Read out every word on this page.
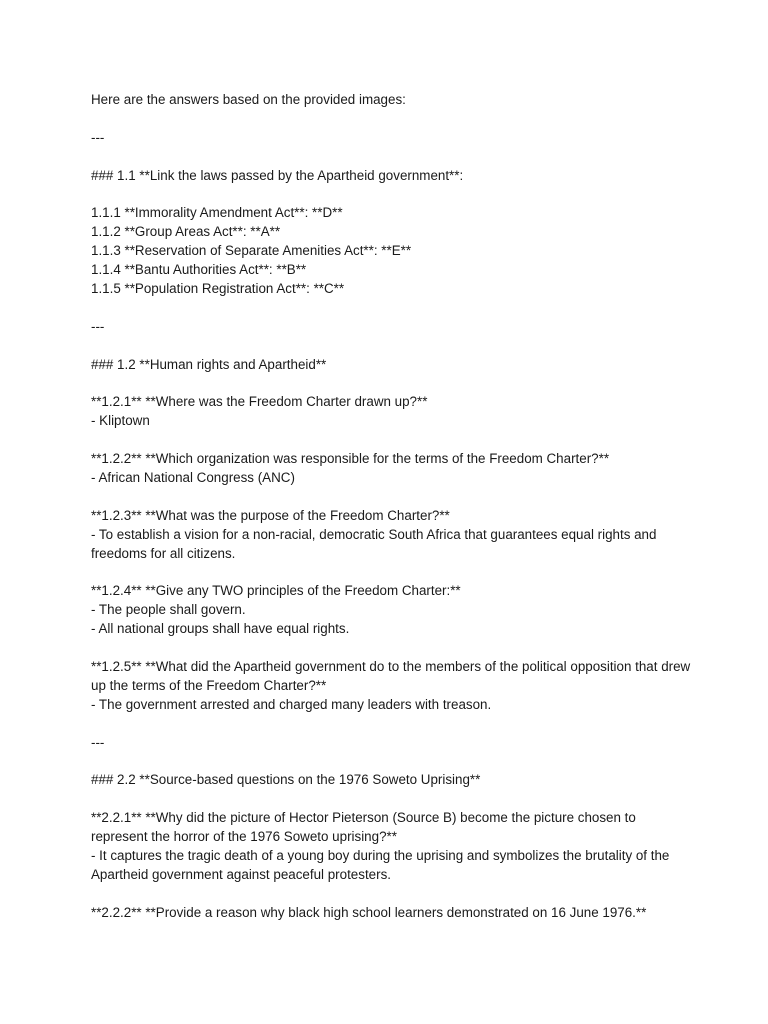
Here are the answers based on the provided images:

---

### 1.1 **Link the laws passed by the Apartheid government**:
1.1.1 **Immorality Amendment Act**: **D**
1.1.2 **Group Areas Act**: **A**
1.1.3 **Reservation of Separate Amenities Act**: **E**
1.1.4 **Bantu Authorities Act**: **B**
1.1.5 **Population Registration Act**: **C**

---

### 1.2 **Human rights and Apartheid**
**1.2.1** **Where was the Freedom Charter drawn up?**
- Kliptown
**1.2.2** **Which organization was responsible for the terms of the Freedom Charter?**
- African National Congress (ANC)
**1.2.3** **What was the purpose of the Freedom Charter?**
- To establish a vision for a non-racial, democratic South Africa that guarantees equal rights and freedoms for all citizens.
**1.2.4** **Give any TWO principles of the Freedom Charter:**
- The people shall govern.
- All national groups shall have equal rights.
**1.2.5** **What did the Apartheid government do to the members of the political opposition that drew up the terms of the Freedom Charter?**
- The government arrested and charged many leaders with treason.

---

### 2.2 **Source-based questions on the 1976 Soweto Uprising**
**2.2.1** **Why did the picture of Hector Pieterson (Source B) become the picture chosen to represent the horror of the 1976 Soweto uprising?**
- It captures the tragic death of a young boy during the uprising and symbolizes the brutality of the Apartheid government against peaceful protesters.
**2.2.2** **Provide a reason why black high school learners demonstrated on 16 June 1976.**
